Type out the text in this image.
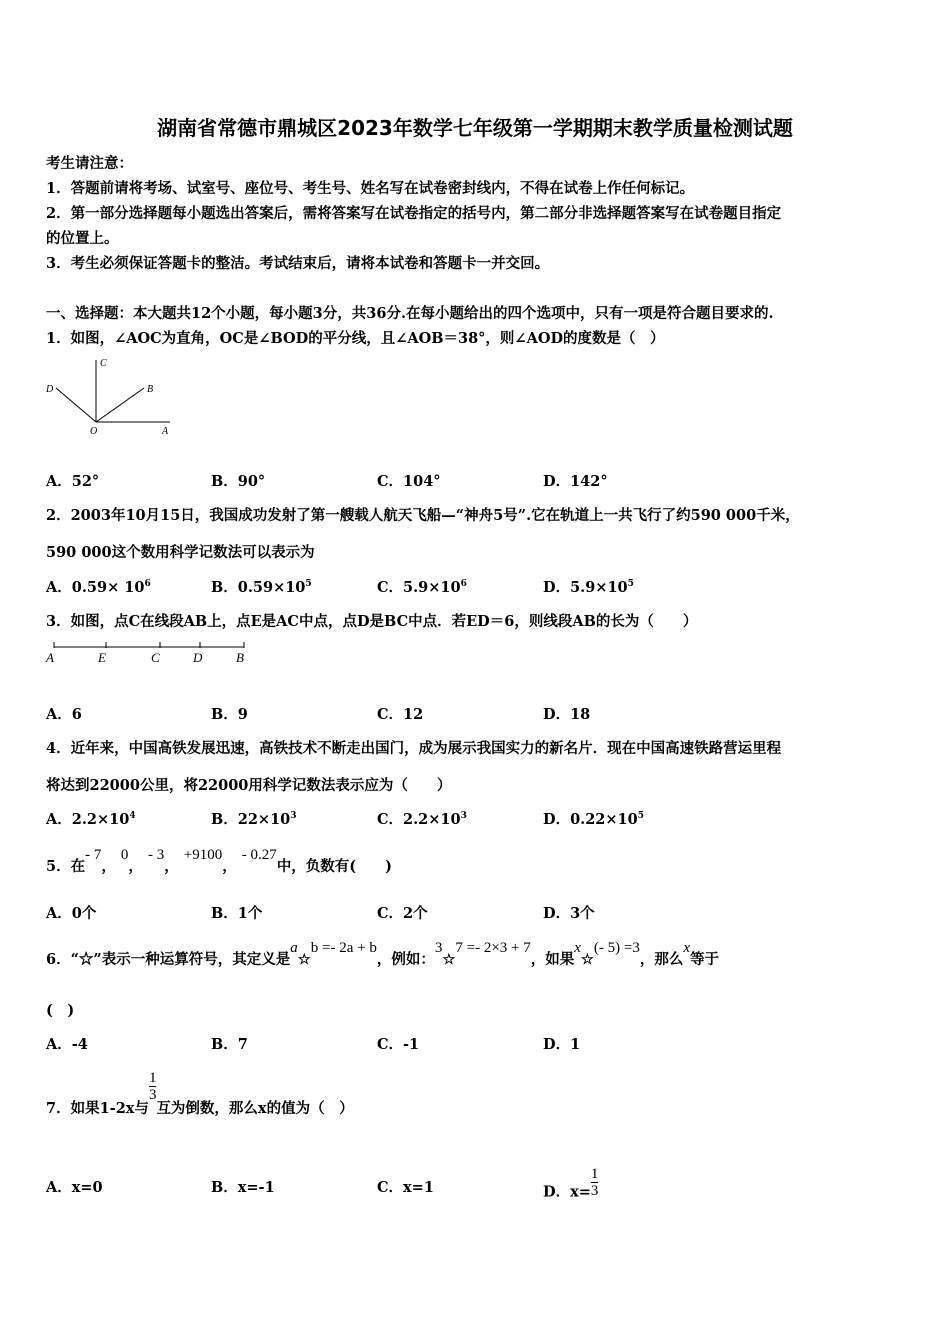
湖南省常德市鼎城区2023年数学七年级第一学期期末教学质量检测试题
考生请注意：
1．答题前请将考场、试室号、座位号、考生号、姓名写在试卷密封线内，不得在试卷上作任何标记。
2．第一部分选择题每小题选出答案后，需将答案写在试卷指定的括号内，第二部分非选择题答案写在试卷题目指定
的位置上。
3．考生必须保证答题卡的整洁。考试结束后，请将本试卷和答题卡一并交回。
一、选择题：本大题共12个小题，每小题3分，共36分.在每小题给出的四个选项中，只有一项是符合题目要求的.
1．如图，∠AOC为直角，OC是∠BOD的平分线，且∠AOB＝38°，则∠AOD的度数是（　）
C
D	B
O	A
A．52°	B．90°	C．104°	D．142°
2．2003年10月15日，我国成功发射了第一艘载人航天飞船—“神舟5号”.它在轨道上一共飞行了约590 000千米，
590 000这个数用科学记数法可以表示为
A．$0.59\times 10^6$	B．$0.59\times 10^5$	C．$5.9\times 10^6$	D．$5.9\times 10^5$
3．如图，点C在线段AB上，点E是AC中点，点D是BC中点．若ED＝6，则线段AB的长为（　　）
A	E	C	D	B
A．6	B．9	C．12	D．18
4．近年来，中国高铁发展迅速，高铁技术不断走出国门，成为展示我国实力的新名片．现在中国高速铁路营运里程
将达到22000公里，将22000用科学记数法表示应为（　　）
A．$2.2\times 10^4$	B．$22\times 10^3$	C．$2.2\times 10^3$	D．$0.22\times 10^5$
5．在- 7， 0， - 3， +9100， - 0.27中，负数有(　　)
A．0个	B．1个	C．2个	D．3个
6．“☆”表示一种运算符号，其定义是a☆b =- 2a + b，例如：3☆7 =- 2×3 + 7，如果x☆(- 5) =3，那么x等于
(　)
A．-4	B．7	C．-1	D．1
7．如果1-2x与
$\frac{1}{3}$
互为倒数，那么x的值为（　）
A．x=0	B．x=-1	C．x=1	D．$x= \frac{1}{3}$
